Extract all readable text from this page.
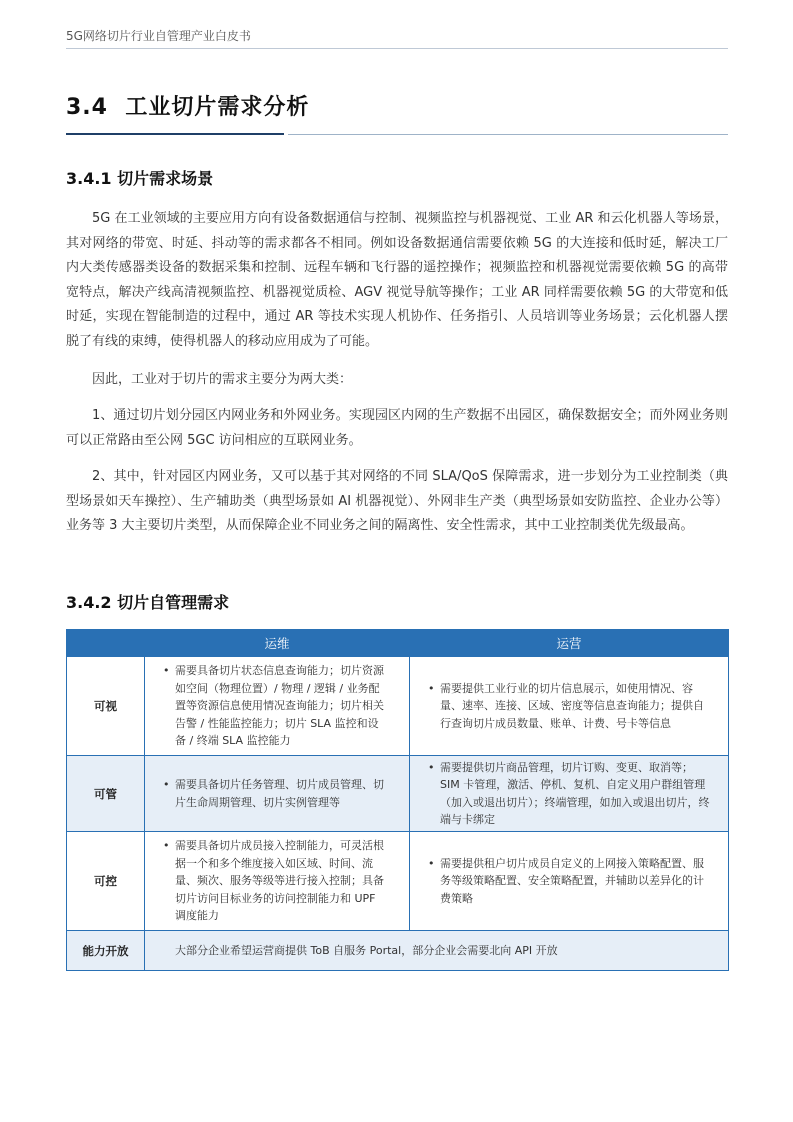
5G网络切片行业自管理产业白皮书
3.4 工业切片需求分析
3.4.1 切片需求场景
5G 在工业领域的主要应用方向有设备数据通信与控制、视频监控与机器视觉、工业 AR 和云化机器人等场景，其对网络的带宽、时延、抖动等的需求都各不相同。例如设备数据通信需要依赖 5G 的大连接和低时延，解决工厂内大类传感器类设备的数据采集和控制、远程车辆和飞行器的遥控操作；视频监控和机器视觉需要依赖 5G 的高带宽特点，解决产线高清视频监控、机器视觉质检、AGV 视觉导航等操作；工业 AR 同样需要依赖 5G 的大带宽和低时延，实现在智能制造的过程中，通过 AR 等技术实现人机协作、任务指引、人员培训等业务场景；云化机器人摆脱了有线的束缚，使得机器人的移动应用成为了可能。
因此，工业对于切片的需求主要分为两大类：
1、通过切片划分园区内网业务和外网业务。实现园区内网的生产数据不出园区，确保数据安全；而外网业务则可以正常路由至公网 5GC 访问相应的互联网业务。
2、其中，针对园区内网业务，又可以基于其对网络的不同 SLA/QoS 保障需求，进一步划分为工业控制类（典型场景如天车操控）、生产辅助类（典型场景如 AI 机器视觉）、外网非生产类（典型场景如安防监控、企业办公等）业务等 3 大主要切片类型，从而保障企业不同业务之间的隔离性、安全性需求，其中工业控制类优先级最高。
3.4.2 切片自管理需求
	运维	运营
可视	• 需要具备切片状态信息查询能力；切片资源如空间（物理位置）/ 物理 / 逻辑 / 业务配置等资源信息使用情况查询能力；切片相关告警 / 性能监控能力；切片 SLA 监控和设备 / 终端 SLA 监控能力	• 需要提供工业行业的切片信息展示，如使用情况、容量、速率、连接、区域、密度等信息查询能力；提供自行查询切片成员数量、账单、计费、号卡等信息

可管	• 需要具备切片任务管理、切片成员管理、切片生命周期管理、切片实例管理等	• 需要提供切片商品管理，切片订购、变更、取消等；SIM 卡管理，激活、停机、复机、自定义用户群组管理（加入或退出切片）；终端管理，如加入或退出切片，终端与卡绑定

可控	• 需要具备切片成员接入控制能力，可灵活根据一个和多个维度接入如区域、时间、流量、频次、服务等级等进行接入控制；具备切片访问目标业务的访问控制能力和 UPF 调度能力	• 需要提供租户切片成员自定义的上网接入策略配置、服务等级策略配置、安全策略配置，并辅助以差异化的计费策略

能力开放	大部分企业希望运营商提供 ToB 自服务 Portal，部分企业会需要北向 API 开放	
